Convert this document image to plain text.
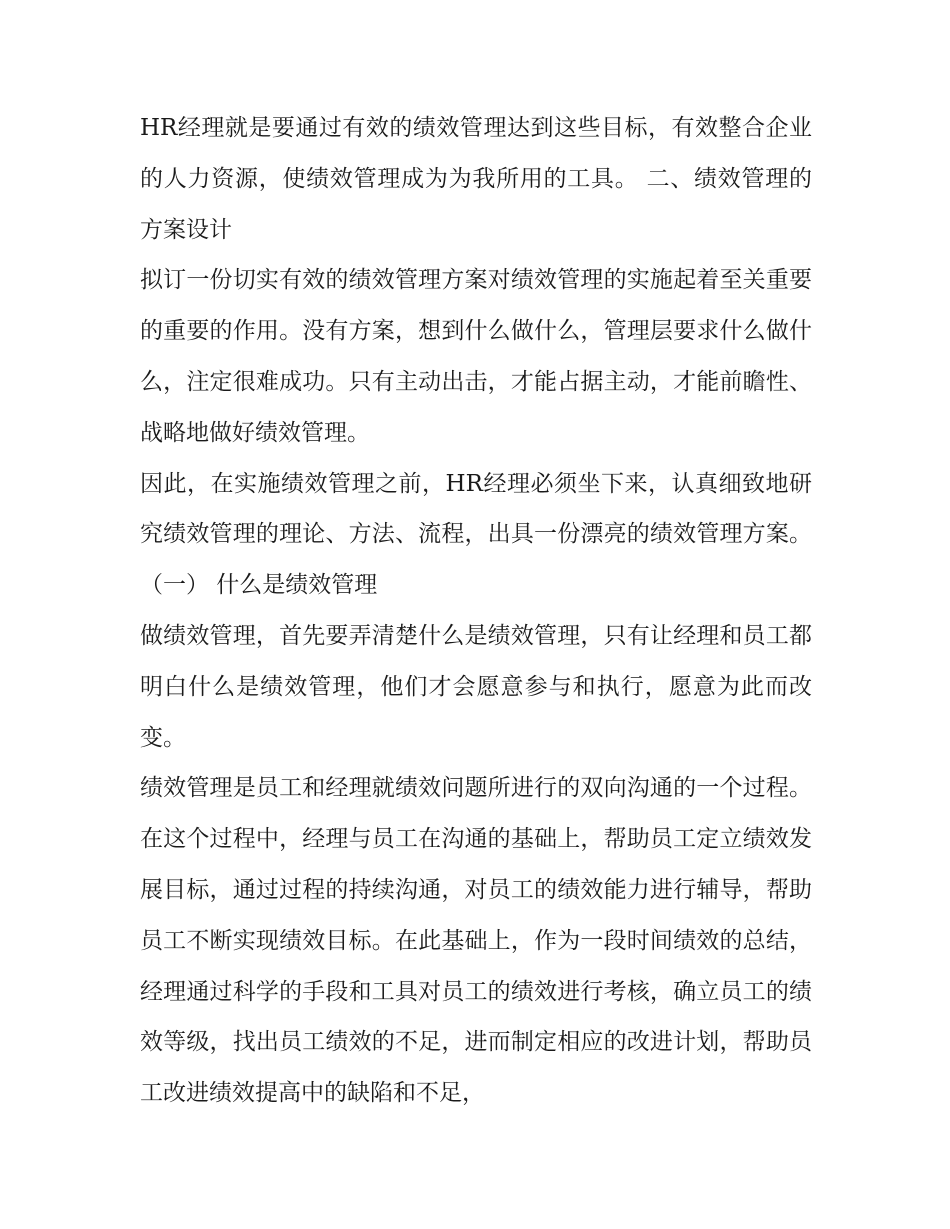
HR经理就是要通过有效的绩效管理达到这些目标，有效整合企业的人力资源，使绩效管理成为为我所用的工具。 二、绩效管理的方案设计

拟订一份切实有效的绩效管理方案对绩效管理的实施起着至关重要的重要的作用。没有方案，想到什么做什么，管理层要求什么做什么，注定很难成功。只有主动出击，才能占据主动，才能前瞻性、战略地做好绩效管理。

因此，在实施绩效管理之前，HR经理必须坐下来，认真细致地研究绩效管理的理论、方法、流程，出具一份漂亮的绩效管理方案。 （一） 什么是绩效管理

做绩效管理，首先要弄清楚什么是绩效管理，只有让经理和员工都明白什么是绩效管理，他们才会愿意参与和执行，愿意为此而改变。

绩效管理是员工和经理就绩效问题所进行的双向沟通的一个过程。在这个过程中，经理与员工在沟通的基础上，帮助员工定立绩效发展目标，通过过程的持续沟通，对员工的绩效能力进行辅导，帮助员工不断实现绩效目标。在此基础上，作为一段时间绩效的总结，经理通过科学的手段和工具对员工的绩效进行考核，确立员工的绩效等级，找出员工绩效的不足，进而制定相应的改进计划，帮助员工改进绩效提高中的缺陷和不足，
